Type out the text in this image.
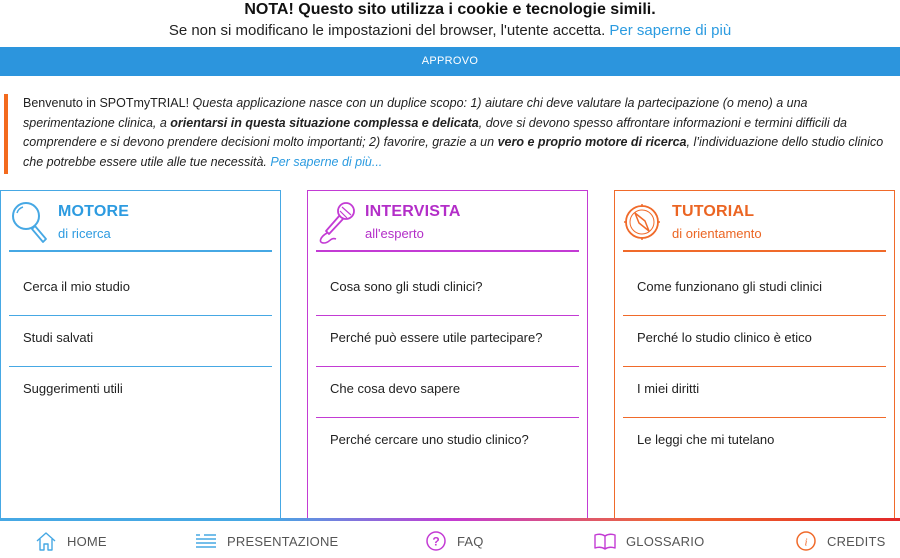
NOTA! Questo sito utilizza i cookie e tecnologie simili.
Se non si modificano le impostazioni del browser, l'utente accetta. Per saperne di più
APPROVO
Benvenuto in SPOTmyTRIAL! Questa applicazione nasce con un duplice scopo: 1) aiutare chi deve valutare la partecipazione (o meno) a una sperimentazione clinica, a orientarsi in questa situazione complessa e delicata, dove si devono spesso affrontare informazioni e termini difficili da comprendere e si devono prendere decisioni molto importanti; 2) favorire, grazie a un vero e proprio motore di ricerca, l’individuazione dello studio clinico che potrebbe essere utile alle tue necessità. Per saperne di più...
MOTORE
di ricerca
Cerca il mio studio
Studi salvati
Suggerimenti utili
INTERVISTA
all'esperto
Cosa sono gli studi clinici?
Perché può essere utile partecipare?
Che cosa devo sapere
Perché cercare uno studio clinico?
TUTORIAL
di orientamento
Come funzionano gli studi clinici
Perché lo studio clinico è etico
I miei diritti
Le leggi che mi tutelano
HOME	PRESENTAZIONE	? FAQ	GLOSSARIO	i CREDITS
